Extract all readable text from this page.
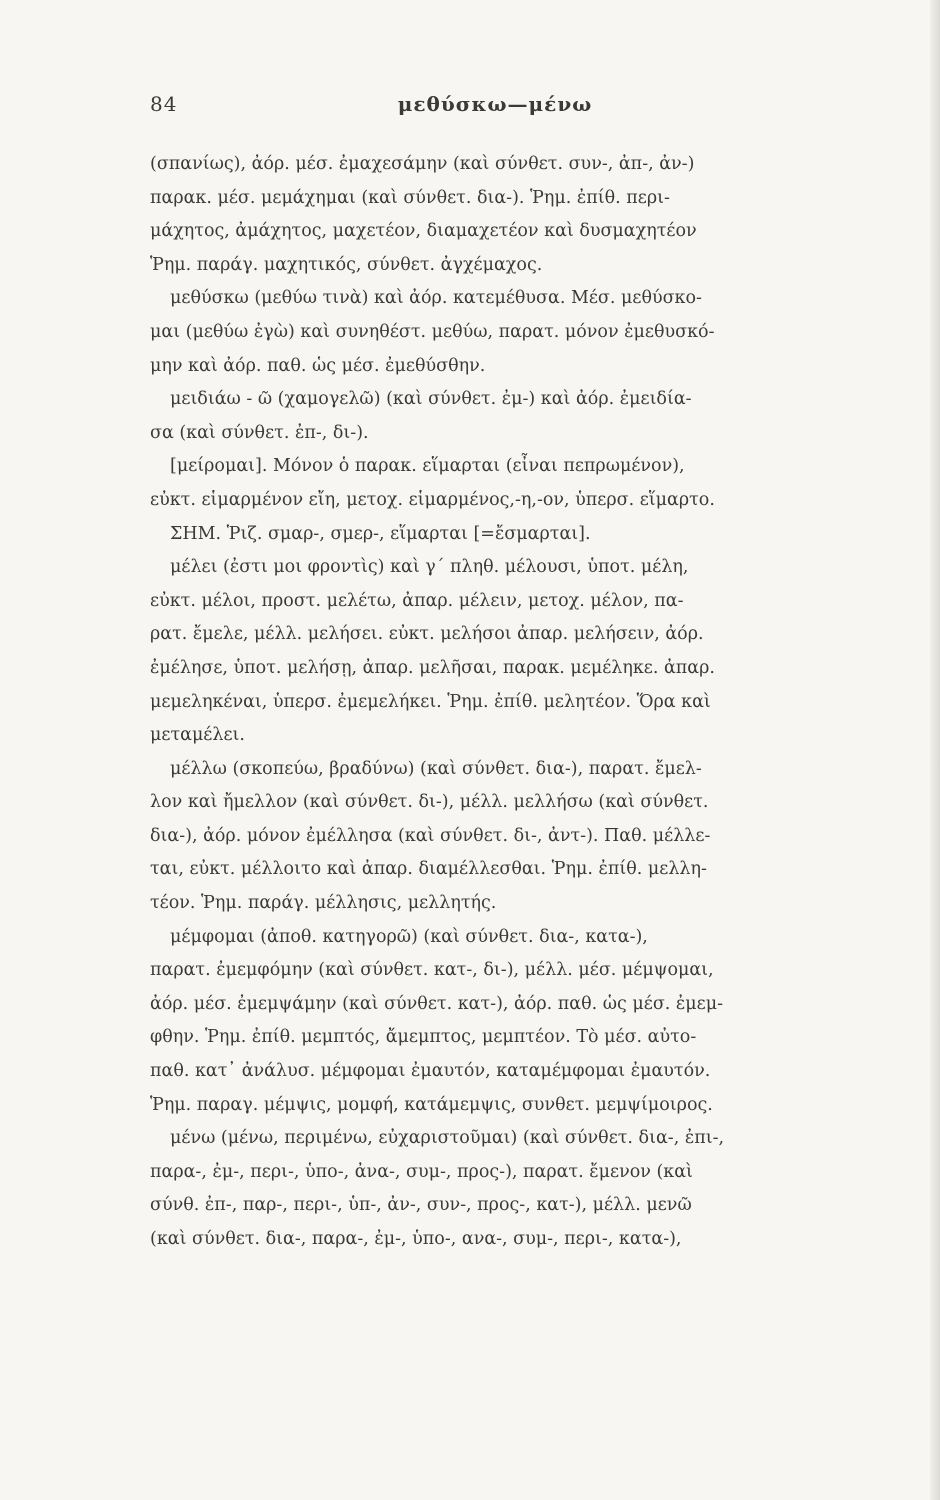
84	μεθύσκω—μένω
(σπανίως), ἀόρ. μέσ. ἐμαχεσάμην (καὶ σύνθετ. συν-, ἀπ-, ἀν-)
παρακ. μέσ. μεμάχημαι (καὶ σύνθετ. δια-). Ῥημ. ἐπίθ. περι-
μάχητος, ἀμάχητος, μαχετέον, διαμαχετέον καὶ δυσμαχητέον
Ῥημ. παράγ. μαχητικός, σύνθετ. ἀγχέμαχος.
μεθύσκω (μεθύω τινὰ) καὶ ἀόρ. κατεμέθυσα. Μέσ. μεθύσκο-
μαι (μεθύω ἐγὼ) καὶ συνηθέστ. μεθύω, παρατ. μόνον ἐμεθυσκό-
μην καὶ ἀόρ. παθ. ὡς μέσ. ἐμεθύσθην.
μειδιάω - ῶ (χαμογελῶ) (καὶ σύνθετ. ἐμ-) καὶ ἀόρ. ἐμειδία-
σα (καὶ σύνθετ. ἐπ-, δι-).
[μείρομαι]. Μόνον ὁ παρακ. εἵμαρται (εἶναι πεπρωμένον),
εὐκτ. εἱμαρμένον εἴη, μετοχ. εἱμαρμένος,-η,-ον, ὑπερσ. εἵμαρτο.
ΣΗΜ. Ῥιζ. σμαρ-, σμερ-, εἵμαρται [=ἔσμαρται].
μέλει (ἐστι μοι φροντὶς) καὶ γ΄ πληθ. μέλουσι, ὑποτ. μέλη,
εὐκτ. μέλοι, προστ. μελέτω, ἀπαρ. μέλειν, μετοχ. μέλον, πα-
ρατ. ἔμελε, μέλλ. μελήσει. εὐκτ. μελήσοι ἀπαρ. μελήσειν, ἀόρ.
ἐμέλησε, ὑποτ. μελήσῃ, ἀπαρ. μελῆσαι, παρακ. μεμέληκε. ἀπαρ.
μεμεληκέναι, ὑπερσ. ἐμεμελήκει. Ῥημ. ἐπίθ. μελητέον. Ὅρα καὶ
μεταμέλει.
μέλλω (σκοπεύω, βραδύνω) (καὶ σύνθετ. δια-), παρατ. ἔμελ-
λον καὶ ἤμελλον (καὶ σύνθετ. δι-), μέλλ. μελλήσω (καὶ σύνθετ.
δια-), ἀόρ. μόνον ἐμέλλησα (καὶ σύνθετ. δι-, ἀντ-). Παθ. μέλλε-
ται, εὐκτ. μέλλοιτο καὶ ἀπαρ. διαμέλλεσθαι. Ῥημ. ἐπίθ. μελλη-
τέον. Ῥημ. παράγ. μέλλησις, μελλητής.
μέμφομαι (ἀποθ. κατηγορῶ) (καὶ σύνθετ. δια-, κατα-),
παρατ. ἐμεμφόμην (καὶ σύνθετ. κατ-, δι-), μέλλ. μέσ. μέμψομαι,
ἀόρ. μέσ. ἐμεμψάμην (καὶ σύνθετ. κατ-), ἀόρ. παθ. ὡς μέσ. ἐμεμ-
φθην. Ῥημ. ἐπίθ. μεμπτός, ἄμεμπτος, μεμπτέον. Τὸ μέσ. αὐτο-
παθ. κατ᾽ ἀνάλυσ. μέμφομαι ἐμαυτόν, καταμέμφομαι ἐμαυτόν.
Ῥημ. παραγ. μέμψις, μομφή, κατάμεμψις, συνθετ. μεμψίμοιρος.
μένω (μένω, περιμένω, εὐχαριστοῦμαι) (καὶ σύνθετ. δια-, ἐπι-,
παρα-, ἐμ-, περι-, ὑπο-, ἀνα-, συμ-, προς-), παρατ. ἔμενον (καὶ
σύνθ. ἐπ-, παρ-, περι-, ὑπ-, ἀν-, συν-, προς-, κατ-), μέλλ. μενῶ
(καὶ σύνθετ. δια-, παρα-, ἐμ-, ὑπο-, ανα-, συμ-, περι-, κατα-),
